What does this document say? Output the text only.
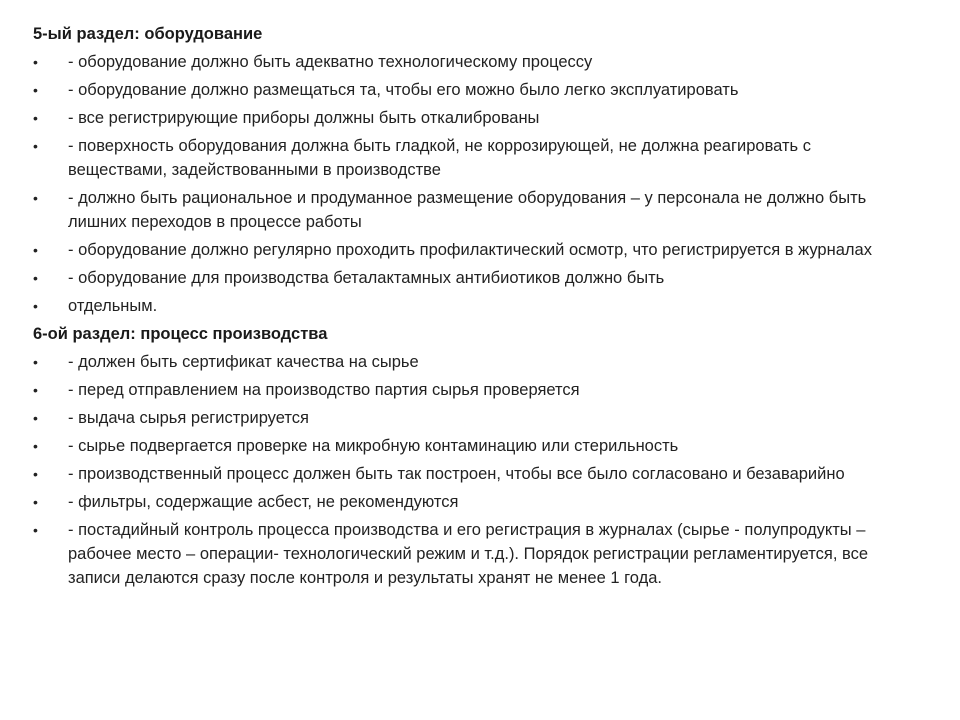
5-ый раздел: оборудование
•	- оборудование должно быть адекватно технологическому процессу
•	- оборудование должно размещаться та, чтобы его можно было легко эксплуатировать
•	- все регистрирующие приборы должны быть откалиброваны
•	- поверхность оборудования должна быть гладкой, не коррозирующей, не должна реагировать с веществами, задействованными в производстве
•	- должно быть рациональное и продуманное размещение оборудования – у персонала не должно быть лишних переходов в процессе работы
•	- оборудование должно регулярно проходить профилактический осмотр, что регистрируется в журналах
•	- оборудование для производства беталактамных антибиотиков должно быть
•	отдельным.
6-ой раздел: процесс производства
•	- должен быть сертификат качества на сырье
•	- перед отправлением на производство партия сырья проверяется
•	- выдача сырья регистрируется
•	- сырье подвергается проверке на микробную контаминацию или стерильность
•	- производственный процесс должен быть так построен, чтобы все было согласовано и безаварийно
•	- фильтры, содержащие асбест, не рекомендуются
•	- постадийный контроль процесса производства и его регистрация в журналах (сырье - полупродукты – рабочее место – операции- технологический режим и т.д.). Порядок регистрации регламентируется, все записи делаются сразу после контроля и результаты хранят не менее 1 года.
